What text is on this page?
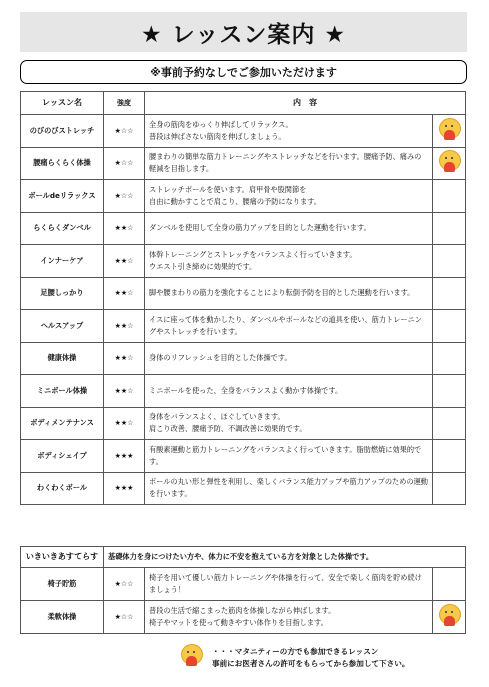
★ レッスン案内 ★
※事前予約なしでご参加いただけます
レッスン名	強度	内　容	
のびのびストレッチ	★☆☆	全身の筋肉をゆっくり伸ばしてリラックス。
普段は伸ばさない筋肉を伸ばしましょう。	

腰痛らくらく体操	★☆☆	腰まわりの簡単な筋力トレーニングやストレッチなどを行います。腰痛予防、痛みの軽減を目指します。	

ボールdeリラックス	★☆☆	ストレッチポールを使います。肩甲骨や股関節を
自由に動かすことで肩こり、腰痛の予防になります。	
らくらくダンベル	★★☆	ダンベルを使用して全身の筋力アップを目的とした運動を行います。	
インナーケア	★★☆	体幹トレーニングとストレッチをバランスよく行っていきます。
ウエスト引き締めに効果的です。	
足腰しっかり	★★☆	脚や腰まわりの筋力を強化することにより転倒予防を目的とした運動を行います。	
ヘルスアップ	★★☆	イスに座って体を動かしたり、ダンベルやボールなどの道具を使い、筋力トレーニングやストレッチを行います。	
健康体操	★★☆	身体のリフレッシュを目的とした体操です。	
ミニボール体操	★★☆	ミニボールを使った、全身をバランスよく動かす体操です。	
ボディメンテナンス	★★☆	身体をバランスよく、ほぐしていきます。
肩こり改善、腰痛予防、不調改善に効果的です。	
ボディシェイプ	★★★	有酸素運動と筋力トレーニングをバランスよく行っていきます。脂肪燃焼に効果的です。	
わくわくボール	★★★	ボールの丸い形と弾性を利用し、楽しくバランス能力アップや筋力アップのための運動を行います。	
いきいきあすてらす	基礎体力を身につけたい方や、体力に不安を抱えている方を対象とした体操です。		
椅子貯筋	★☆☆	椅子を用いて優しい筋力トレーニングや体操を行って、安全で楽しく筋肉を貯め続けましょう！	
柔軟体操	★☆☆	普段の生活で縮こまった筋肉を体操しながら伸ばします。
椅子やマットを使って動きやすい体作りを目指します。	
・・・マタニティーの方でも参加できるレッスン
事前にお医者さんの許可をもらってから参加して下さい。
